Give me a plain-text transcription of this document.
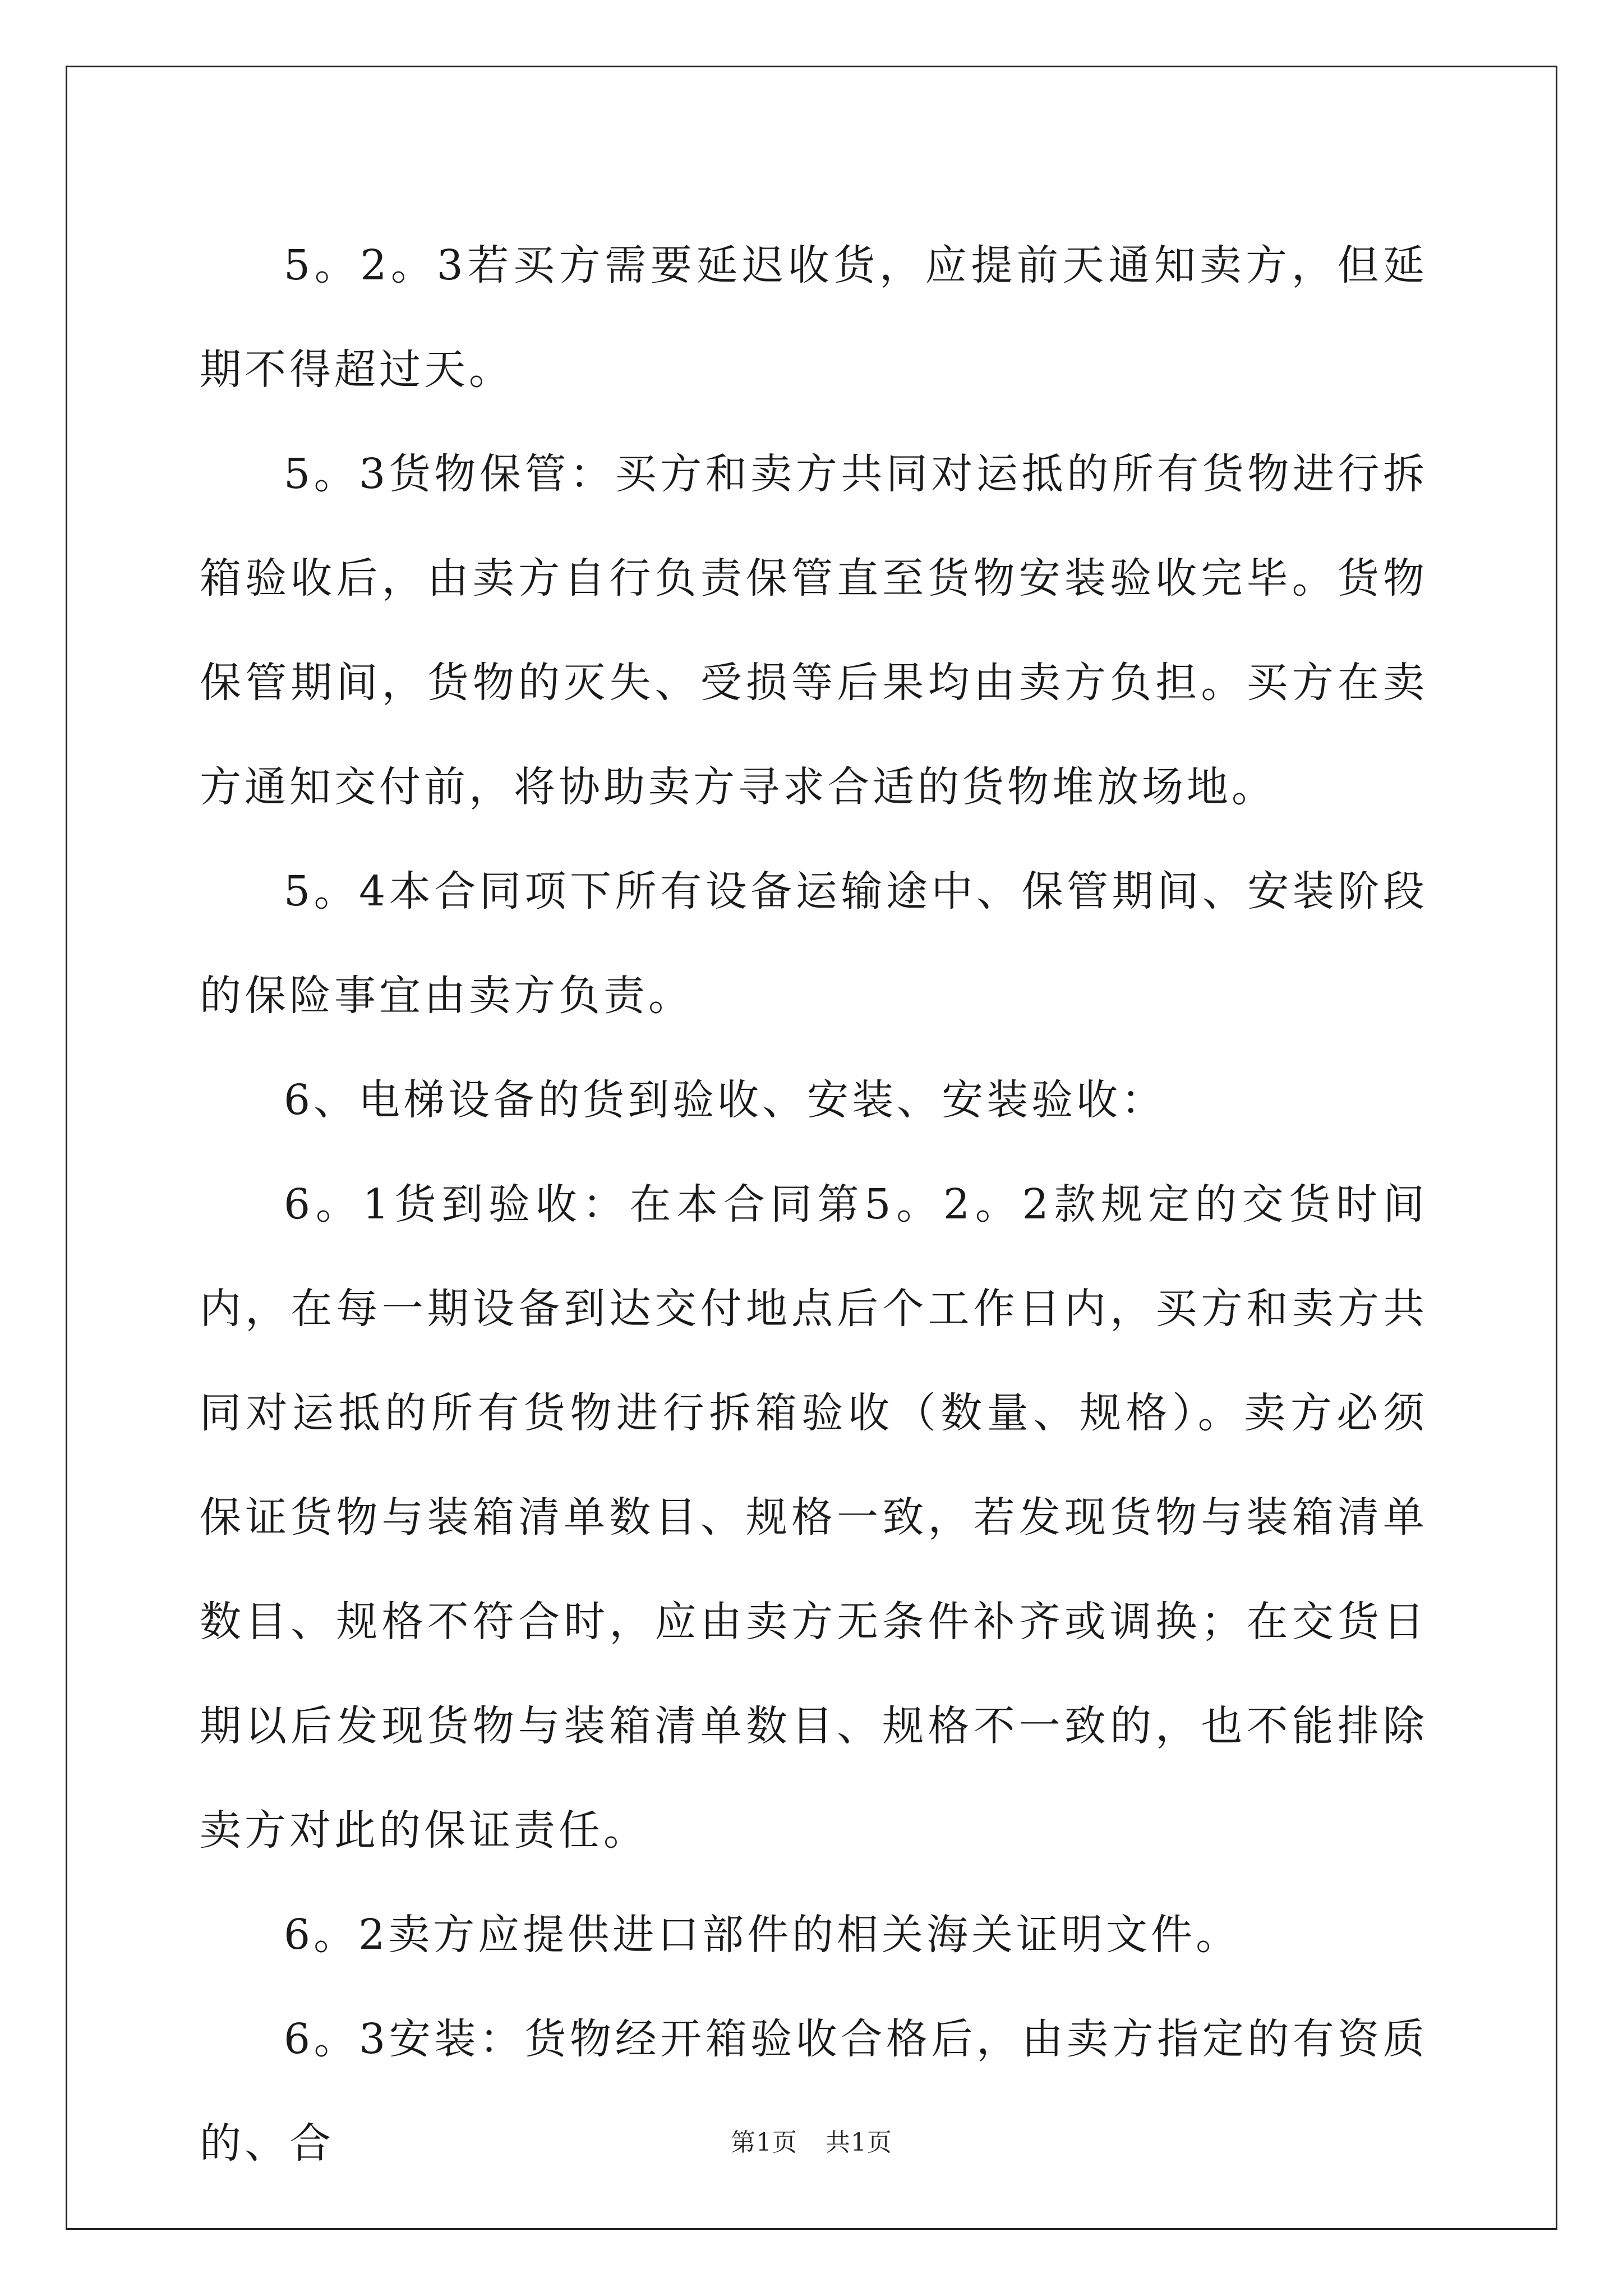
5。2。3若买方需要延迟收货，应提前天通知卖方，但延期不得超过天。

5。3货物保管：买方和卖方共同对运抵的所有货物进行拆箱验收后，由卖方自行负责保管直至货物安装验收完毕。货物保管期间，货物的灭失、受损等后果均由卖方负担。买方在卖方通知交付前，将协助卖方寻求合适的货物堆放场地。

5。4本合同项下所有设备运输途中、保管期间、安装阶段的保险事宜由卖方负责。

6、电梯设备的货到验收、安装、安装验收：

6。1货到验收：在本合同第5。2。2款规定的交货时间内，在每一期设备到达交付地点后个工作日内，买方和卖方共同对运抵的所有货物进行拆箱验收（数量、规格）。卖方必须保证货物与装箱清单数目、规格一致，若发现货物与装箱清单数目、规格不符合时，应由卖方无条件补齐或调换；在交货日期以后发现货物与装箱清单数目、规格不一致的，也不能排除卖方对此的保证责任。

6。2卖方应提供进口部件的相关海关证明文件。

6。3安装：货物经开箱验收合格后，由卖方指定的有资质的、合	第1页 共1页
